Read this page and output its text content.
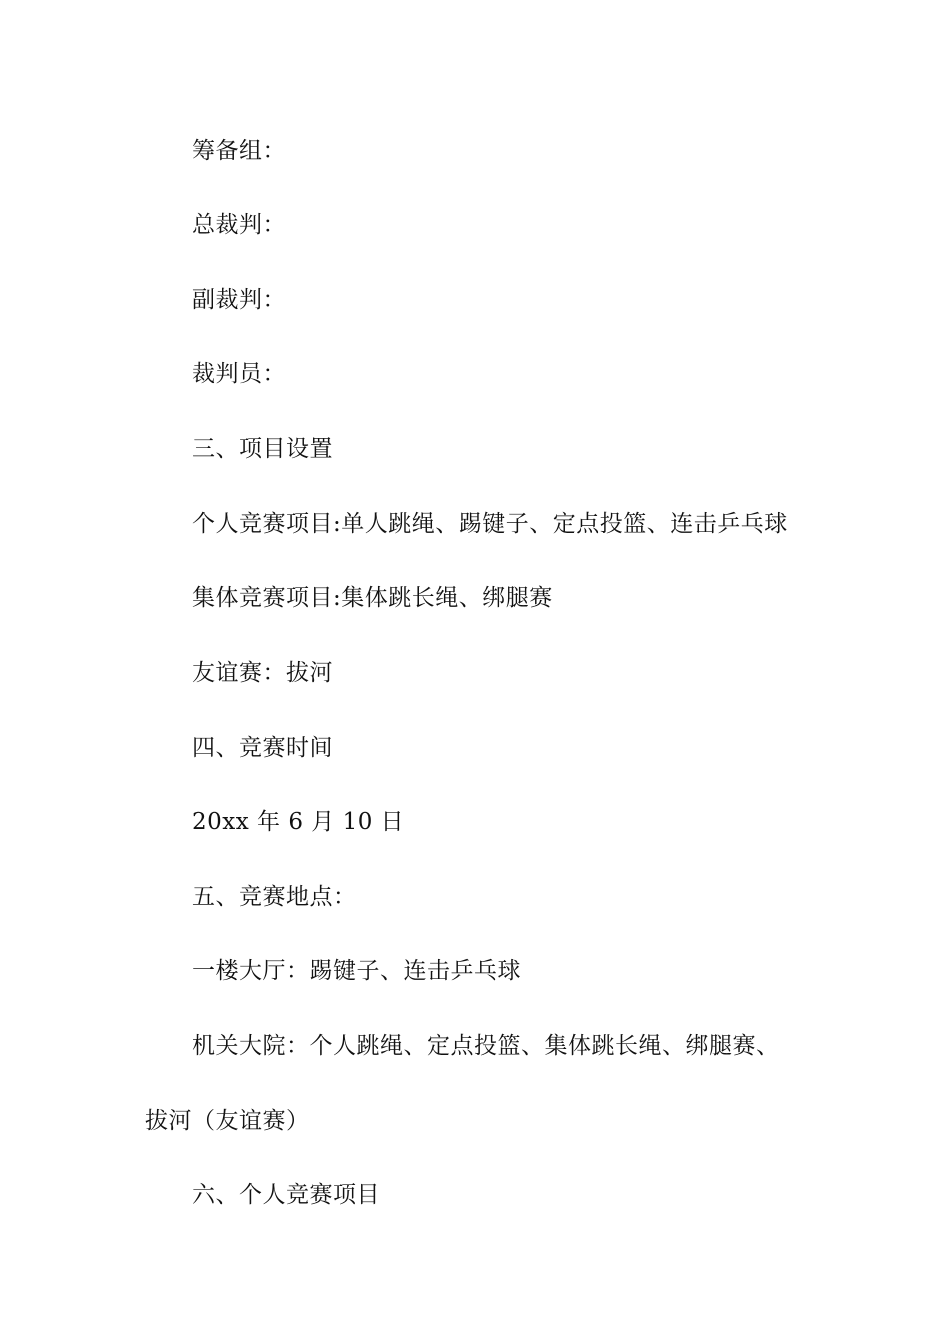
筹备组：
总裁判：
副裁判：
裁判员：
三、项目设置
个人竞赛项目:单人跳绳、踢键子、定点投篮、连击乒乓球
集体竞赛项目:集体跳长绳、绑腿赛
友谊赛：拔河
四、竞赛时间
20xx 年 6 月 10 日
五、竞赛地点：
一楼大厅：踢键子、连击乒乓球
机关大院：个人跳绳、定点投篮、集体跳长绳、绑腿赛、
拔河（友谊赛）
六、个人竞赛项目
